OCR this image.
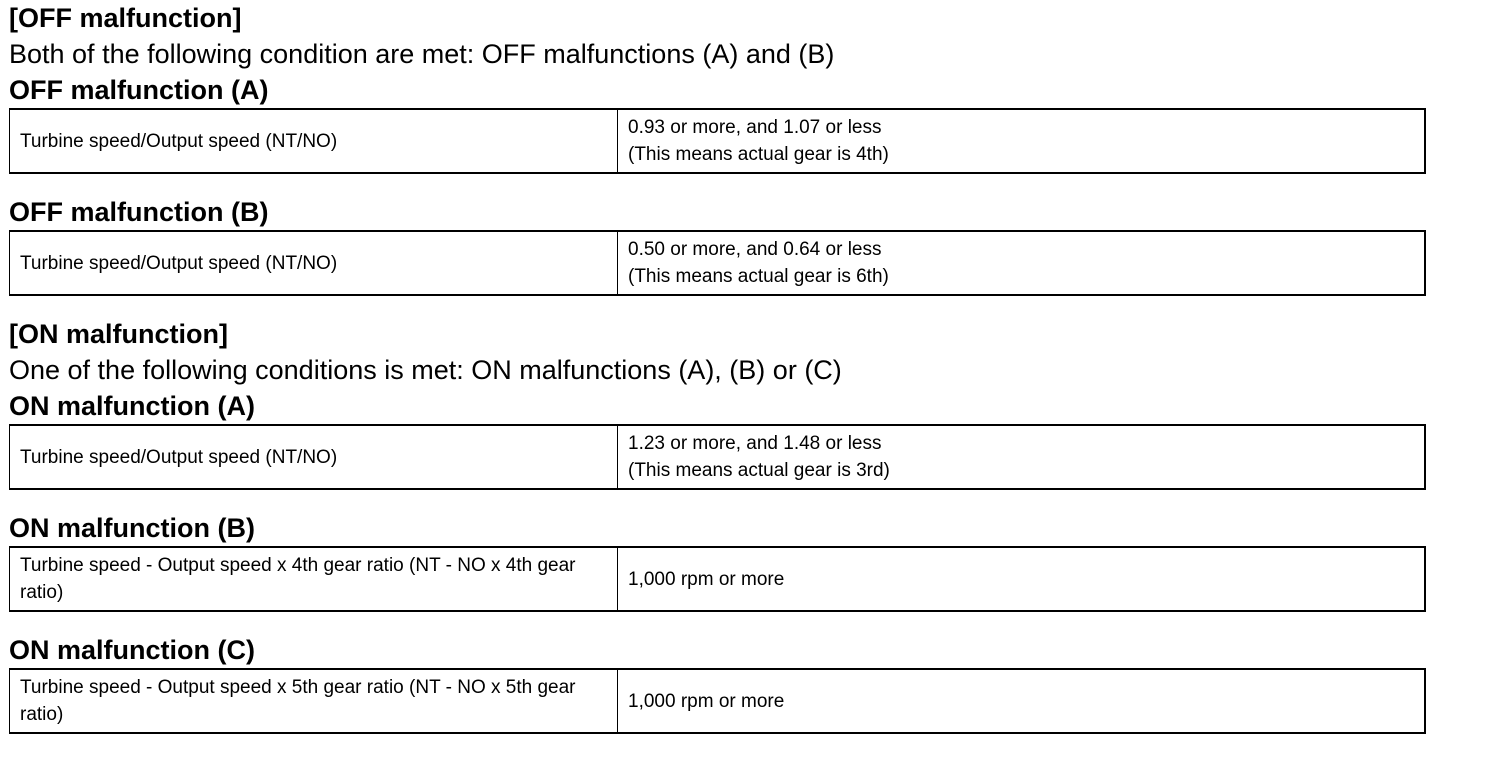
[OFF malfunction]
Both of the following condition are met: OFF malfunctions (A) and (B)
OFF malfunction (A)
Turbine speed/Output speed (NT/NO)

0.93 or more, and 1.07 or less
(This means actual gear is 4th)
OFF malfunction (B)
Turbine speed/Output speed (NT/NO)

0.50 or more, and 0.64 or less
(This means actual gear is 6th)
[ON malfunction]
One of the following conditions is met: ON malfunctions (A), (B) or (C)
ON malfunction (A)
Turbine speed/Output speed (NT/NO)

1.23 or more, and 1.48 or less
(This means actual gear is 3rd)
ON malfunction (B)
Turbine speed - Output speed x 4th gear ratio (NT - NO x 4th gear ratio)

1,000 rpm or more
ON malfunction (C)
Turbine speed - Output speed x 5th gear ratio (NT - NO x 5th gear ratio)

1,000 rpm or more
